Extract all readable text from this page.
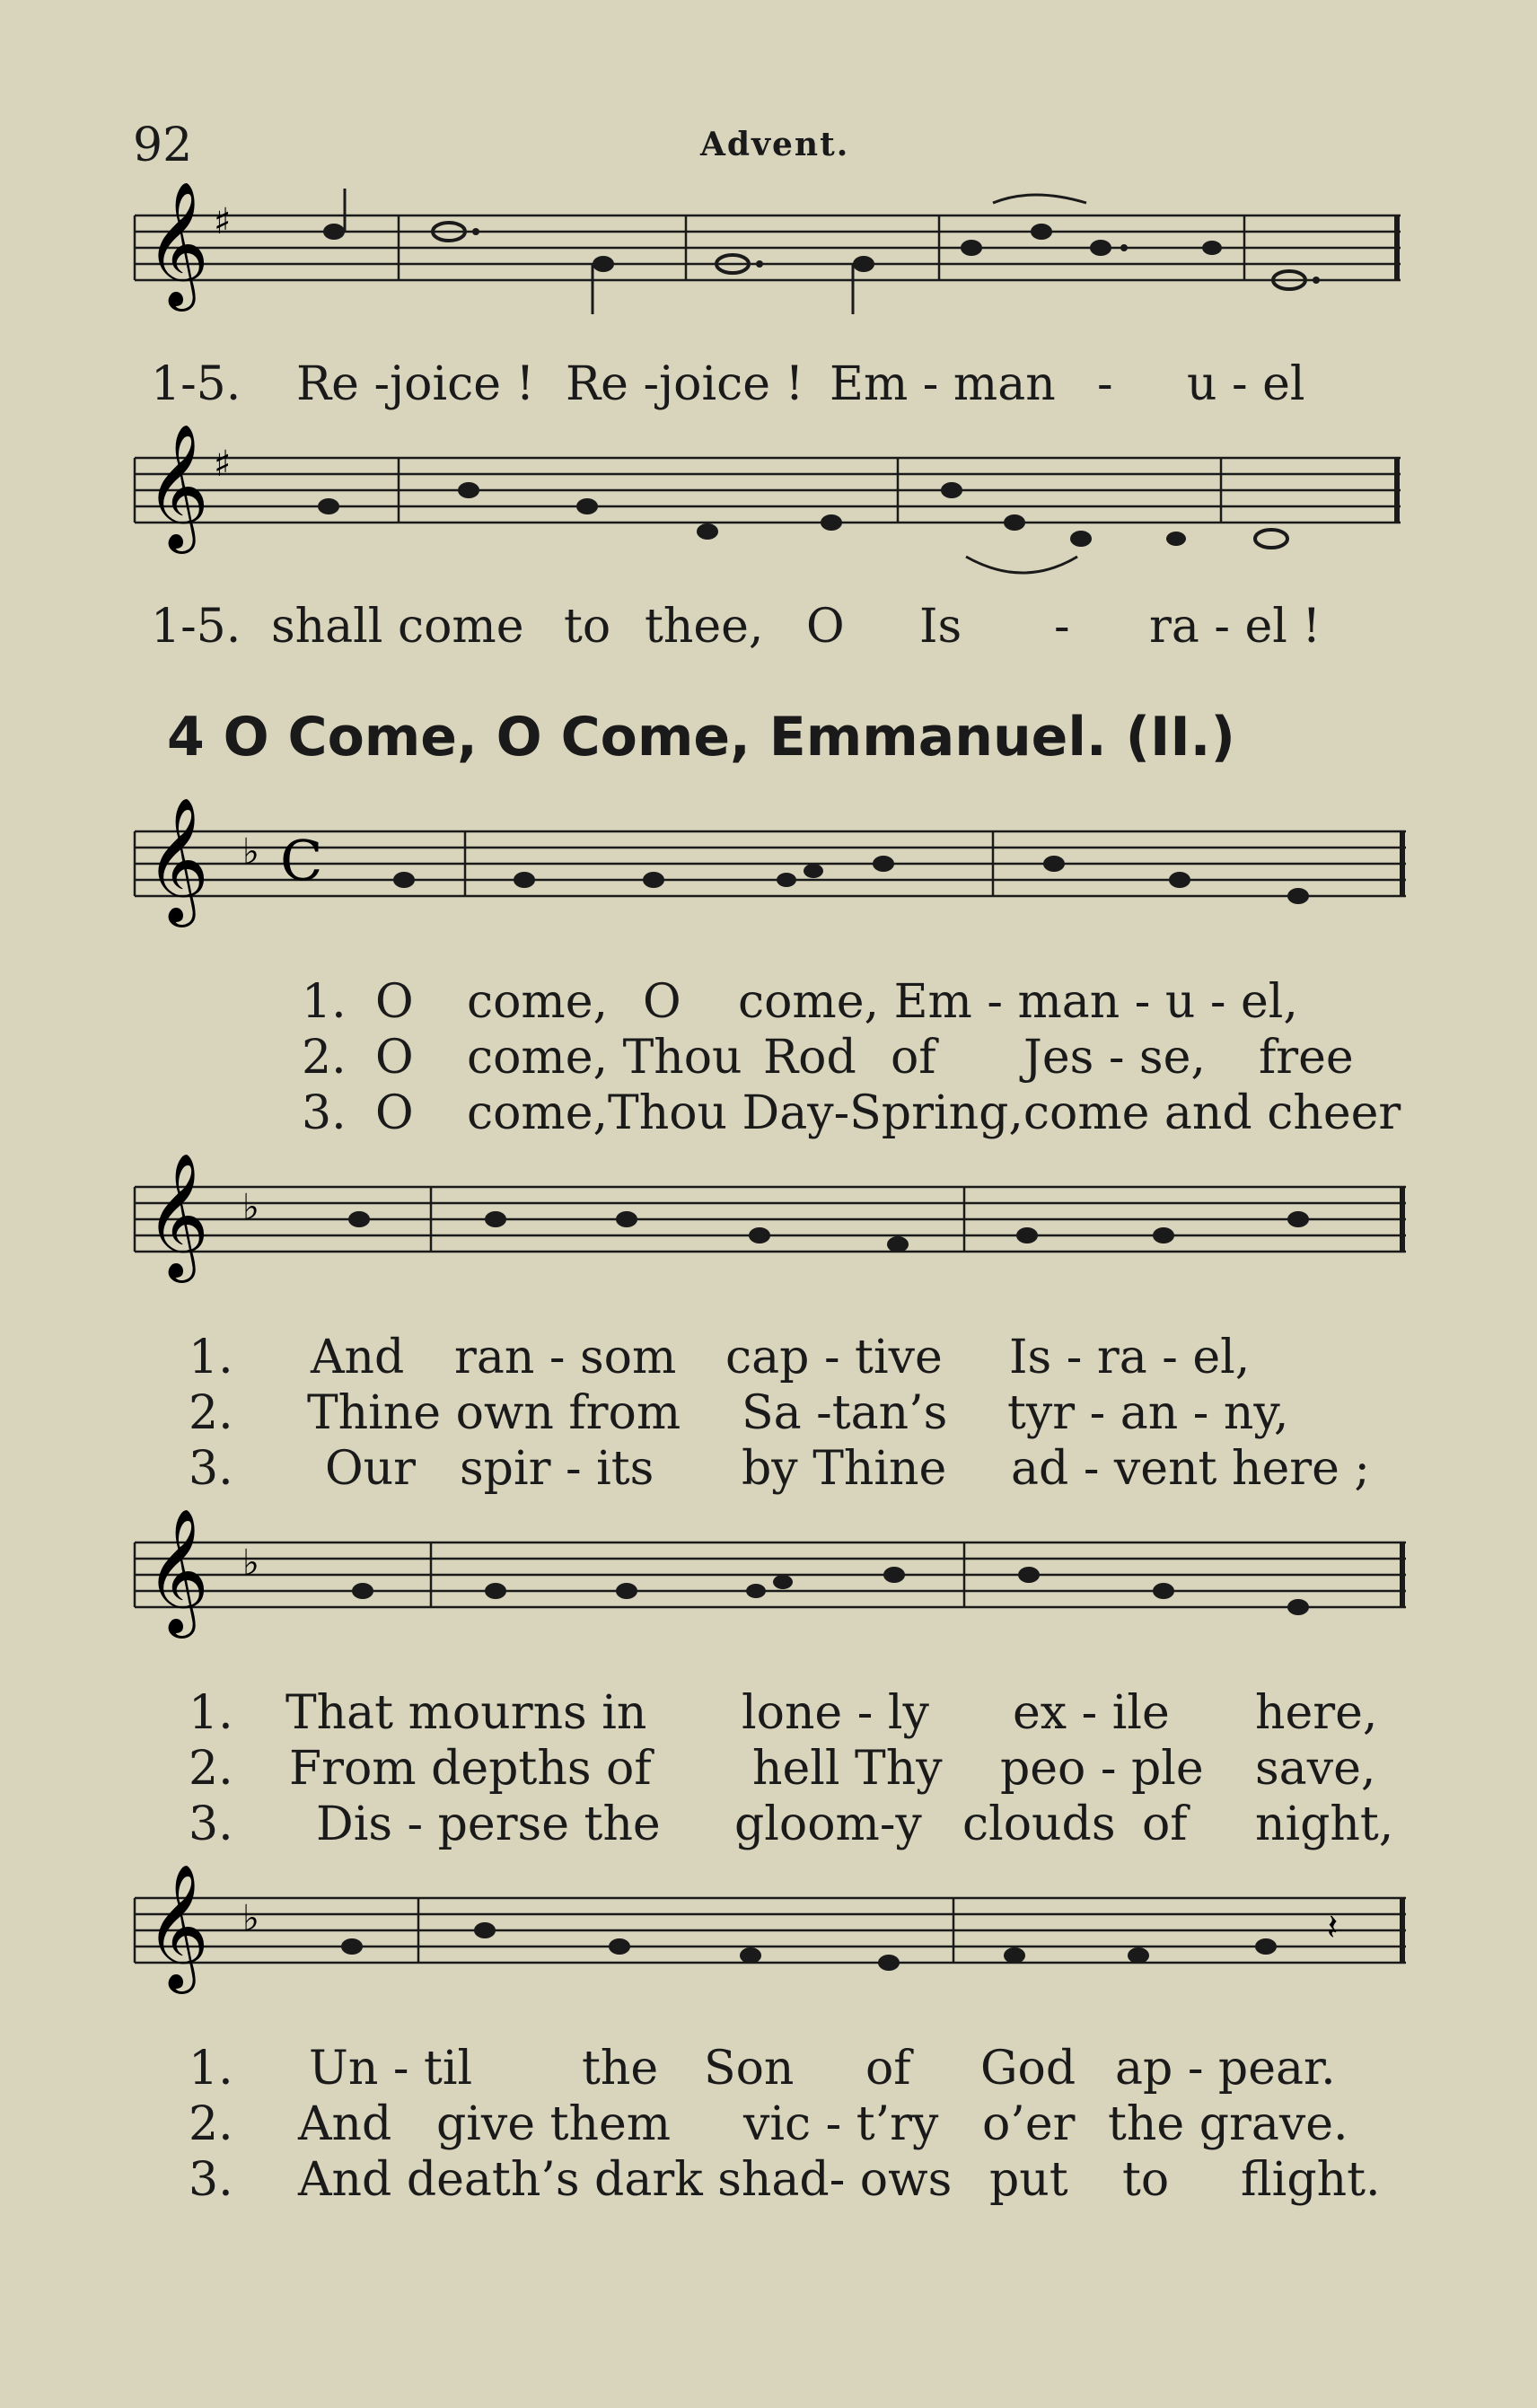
92	Advent.
𝄞 ♯
1-5. Re -joice ! Re -joice ! Em - man - u - el
𝄞 ♯
1-5. shall come to thee, O Is - ra - el !
4 O Come, O Come, Emmanuel. (II.)
𝄞 ♭ C
1. O come, O come, Em - man - u - el,
2. O come, Thou Rod of Jes - se, free
3. O come,Thou Day-Spring,come and cheer
𝄞 ♭
1. And ran - som cap - tive Is - ra - el,
2. Thine own from Sa -tan’s tyr - an - ny,
3. Our spir - its by Thine ad - vent here ;
𝄞 ♭
1. That mourns in lone - ly ex - ile here,
2. From depths of hell Thy peo - ple save,
3. Dis - perse the gloom-y clouds of night,
𝄞 ♭	𝄽
1. Un - til the Son of God ap - pear.
2. And give them vic - t’ry o’er the grave.
3. And death’s dark shad- ows put to flight.
